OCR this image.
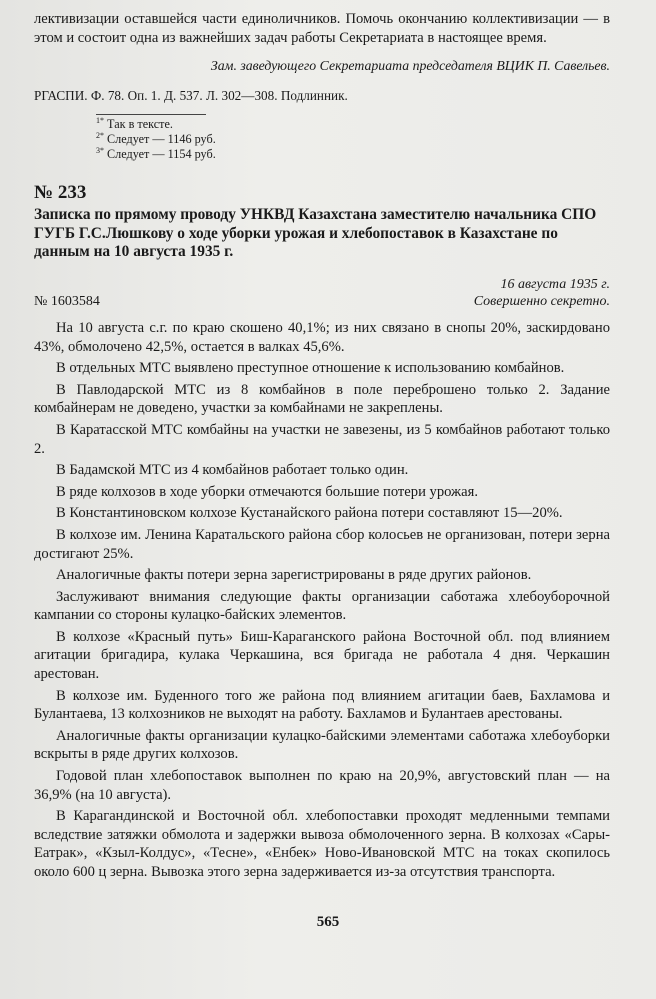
лективизации оставшейся части единоличников. Помочь окончанию коллективизации — в этом и состоит одна из важнейших задач работы Секретариата в настоящее время.

Зам. заведующего Секретариата председателя ВЦИК П. Савельев.

РГАСПИ. Ф. 78. Оп. 1. Д. 537. Л. 302—308. Подлинник.

$^{1*}$ Так в тексте.
$^{2*}$ Следует — 1146 руб.
$^{3*}$ Следует — 1154 руб.

№ 233

Записка по прямому проводу УНКВД Казахстана заместителю начальника СПО ГУГБ Г.С.Люшкову о ходе уборки урожая и хлебопоставок в Казахстане по данным на 10 августа 1935 г.

№ 1603584
16 августа 1935 г.
Совершенно секретно.

На 10 августа с.г. по краю скошено 40,1%; из них связано в снопы 20%, заскирдовано 43%, обмолочено 42,5%, остается в валках 45,6%.

В отдельных МТС выявлено преступное отношение к использованию комбайнов.

В Павлодарской МТС из 8 комбайнов в поле переброшено только 2. Задание комбайнерам не доведено, участки за комбайнами не закреплены.

В Каратасской МТС комбайны на участки не завезены, из 5 комбайнов работают только 2.

В Бадамской МТС из 4 комбайнов работает только один.

В ряде колхозов в ходе уборки отмечаются большие потери урожая.

В Константиновском колхозе Кустанайского района потери составляют 15—20%.

В колхозе им. Ленина Каратальского района сбор колосьев не организован, потери зерна достигают 25%.

Аналогичные факты потери зерна зарегистрированы в ряде других районов.

Заслуживают внимания следующие факты организации саботажа хлебоуборочной кампании со стороны кулацко-байских элементов.

В колхозе «Красный путь» Биш-Караганского района Восточной обл. под влиянием агитации бригадира, кулака Черкашина, вся бригада не работала 4 дня. Черкашин арестован.

В колхозе им. Буденного того же района под влиянием агитации баев, Бахламова и Булантаева, 13 колхозников не выходят на работу. Бахламов и Булантаев арестованы.

Аналогичные факты организации кулацко-байскими элементами саботажа хлебоуборки вскрыты в ряде других колхозов.

Годовой план хлебопоставок выполнен по краю на 20,9%, августовский план — на 36,9% (на 10 августа).

В Карагандинской и Восточной обл. хлебопоставки проходят медленными темпами вследствие затяжки обмолота и задержки вывоза обмолоченного зерна. В колхозах «Сары-Еатрак», «Кзыл-Колдус», «Тесне», «Енбек» Ново-Ивановской МТС на токах скопилось около 600 ц зерна. Вывозка этого зерна задерживается из-за отсутствия транспорта.

565
